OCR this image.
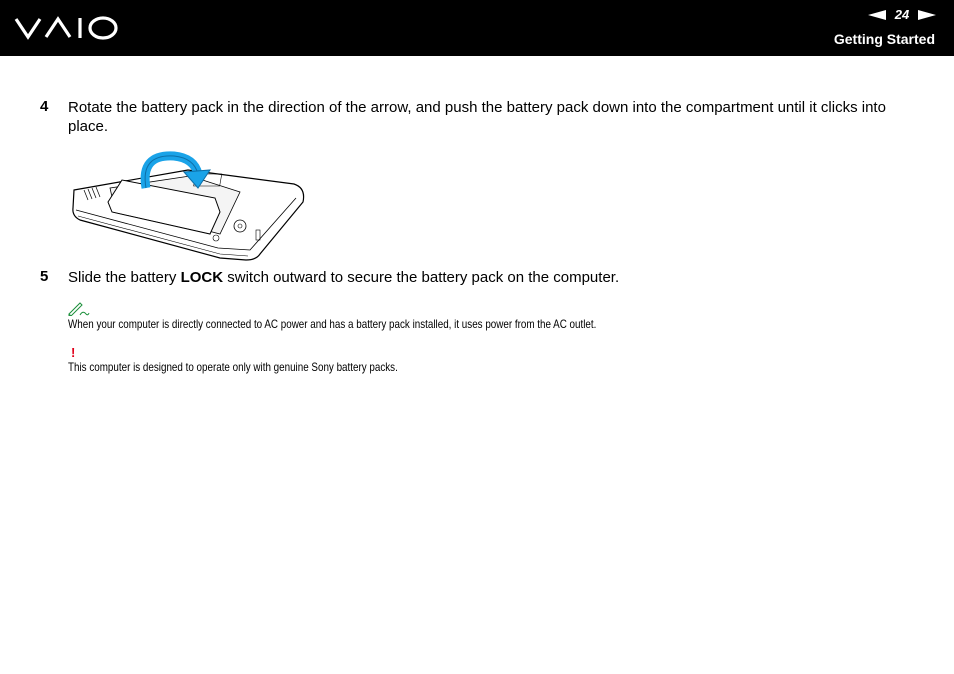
24
Getting Started
4 Rotate the battery pack in the direction of the arrow, and push the battery pack down into the compartment until it clicks into place.
5 Slide the battery LOCK switch outward to secure the battery pack on the computer.
When your computer is directly connected to AC power and has a battery pack installed, it uses power from the AC outlet.
!
This computer is designed to operate only with genuine Sony battery packs.
